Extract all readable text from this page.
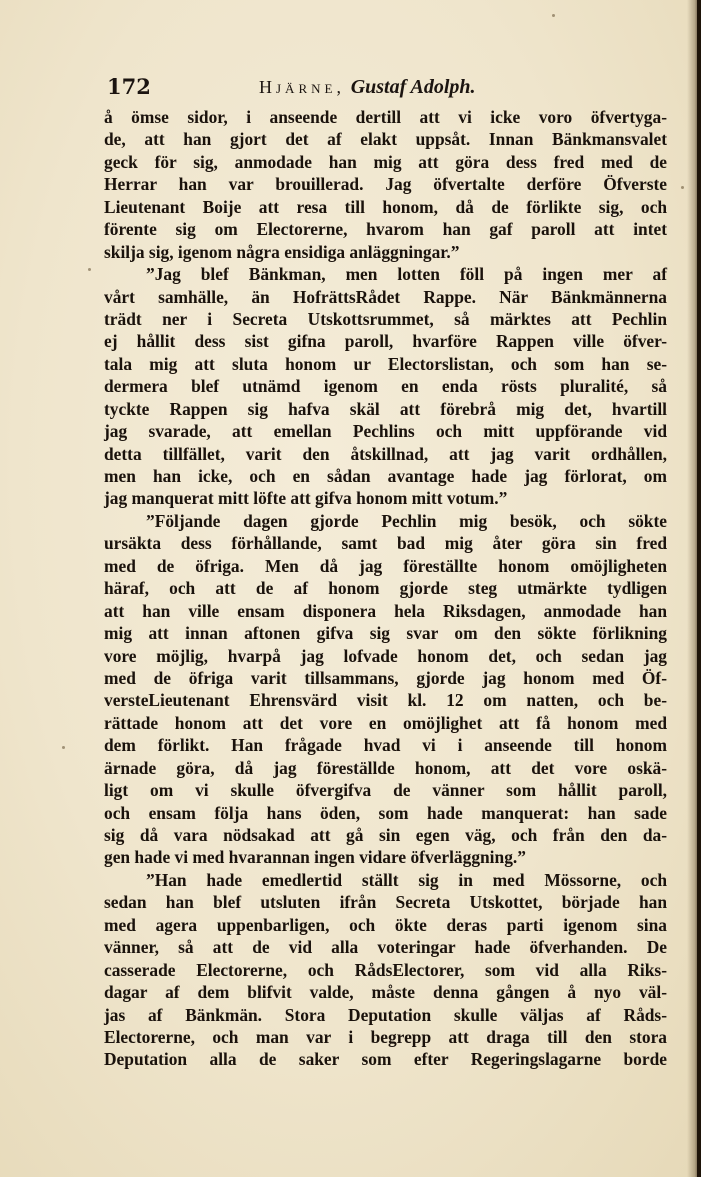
172	Hjärne, Gustaf Adolph.
å ömse sidor, i anseende dertill att vi icke voro öfvertyga-
de, att han gjort det af elakt uppsåt. Innan Bänkmansvalet
geck för sig, anmodade han mig att göra dess fred med de
Herrar han var brouillerad. Jag öfvertalte derföre Öfverste
Lieutenant Boije att resa till honom, då de förlikte sig, och
förente sig om Electorerne, hvarom han gaf paroll att intet
skilja sig, igenom några ensidiga anläggningar.”
”Jag blef Bänkman, men lotten föll på ingen mer af
vårt samhälle, än HofrättsRådet Rappe. När Bänkmännerna
trädt ner i Secreta Utskottsrummet, så märktes att Pechlin
ej hållit dess sist gifna paroll, hvarföre Rappen ville öfver-
tala mig att sluta honom ur Electorslistan, och som han se-
dermera blef utnämd igenom en enda rösts pluralité, så
tyckte Rappen sig hafva skäl att förebrå mig det, hvartill
jag svarade, att emellan Pechlins och mitt uppförande vid
detta tillfället, varit den åtskillnad, att jag varit ordhållen,
men han icke, och en sådan avantage hade jag förlorat, om
jag manquerat mitt löfte att gifva honom mitt votum.”
”Följande dagen gjorde Pechlin mig besök, och sökte
ursäkta dess förhållande, samt bad mig åter göra sin fred
med de öfriga. Men då jag föreställte honom omöjligheten
häraf, och att de af honom gjorde steg utmärkte tydligen
att han ville ensam disponera hela Riksdagen, anmodade han
mig att innan aftonen gifva sig svar om den sökte förlikning
vore möjlig, hvarpå jag lofvade honom det, och sedan jag
med de öfriga varit tillsammans, gjorde jag honom med Öf-
versteLieutenant Ehrensvärd visit kl. 12 om natten, och be-
rättade honom att det vore en omöjlighet att få honom med
dem förlikt. Han frågade hvad vi i anseende till honom
ärnade göra, då jag föreställde honom, att det vore oskä-
ligt om vi skulle öfvergifva de vänner som hållit paroll,
och ensam följa hans öden, som hade manquerat: han sade
sig då vara nödsakad att gå sin egen väg, och från den da-
gen hade vi med hvarannan ingen vidare öfverläggning.”
”Han hade emedlertid ställt sig in med Mössorne, och
sedan han blef utsluten ifrån Secreta Utskottet, började han
med agera uppenbarligen, och ökte deras parti igenom sina
vänner, så att de vid alla voteringar hade öfverhanden. De
casserade Electorerne, och RådsElectorer, som vid alla Riks-
dagar af dem blifvit valde, måste denna gången å nyo väl-
jas af Bänkmän. Stora Deputation skulle väljas af Råds-
Electorerne, och man var i begrepp att draga till den stora
Deputation alla de saker som efter Regeringslagarne borde
